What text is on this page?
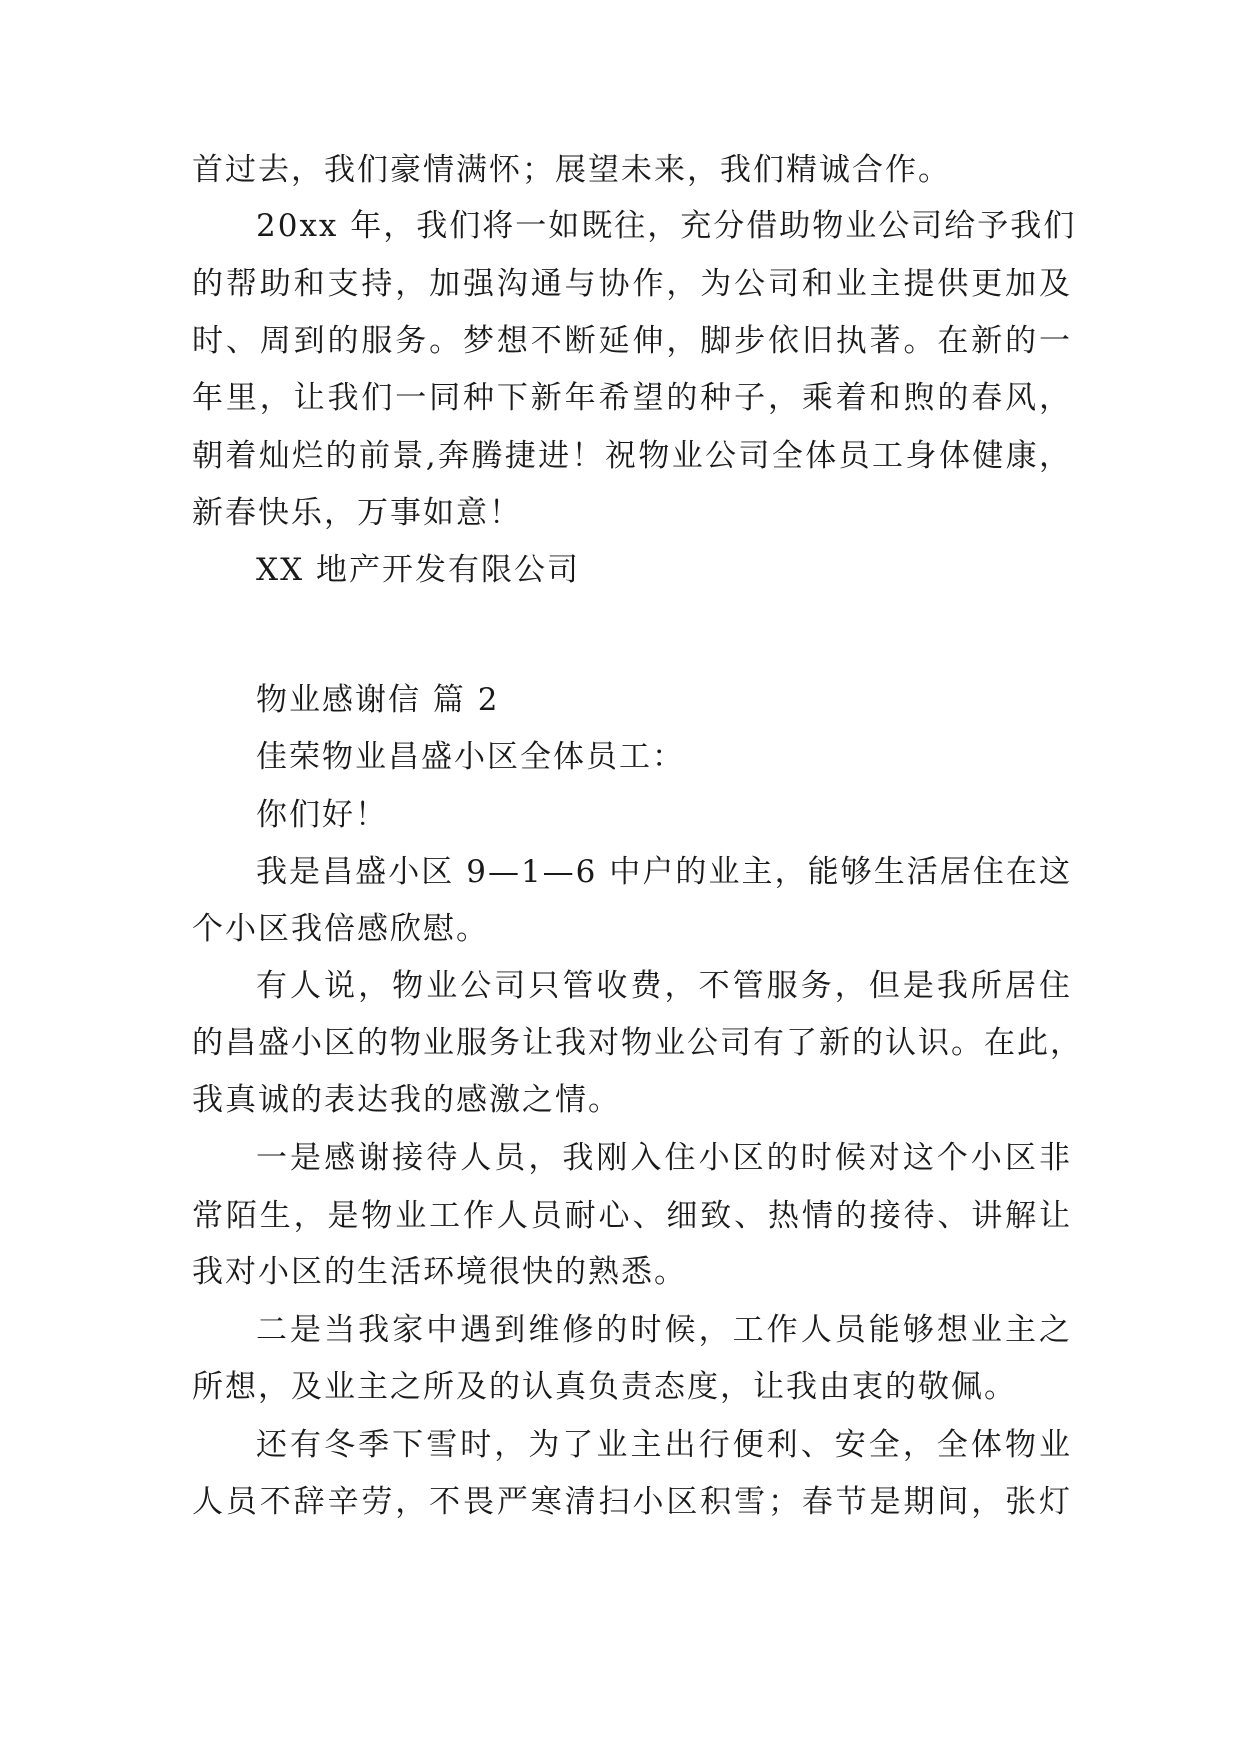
首过去，我们豪情满怀；展望未来，我们精诚合作。

20xx 年，我们将一如既往，充分借助物业公司给予我们

的帮助和支持，加强沟通与协作，为公司和业主提供更加及

时、周到的服务。梦想不断延伸，脚步依旧执著。在新的一

年里，让我们一同种下新年希望的种子，乘着和煦的春风，

朝着灿烂的前景,奔腾捷进！祝物业公司全体员工身体健康，

新春快乐，万事如意！

XX 地产开发有限公司

物业感谢信 篇 2

佳荣物业昌盛小区全体员工：

你们好！

我是昌盛小区 9—1—6 中户的业主，能够生活居住在这

个小区我倍感欣慰。

有人说，物业公司只管收费，不管服务，但是我所居住

的昌盛小区的物业服务让我对物业公司有了新的认识。在此，

我真诚的表达我的感激之情。

一是感谢接待人员，我刚入住小区的时候对这个小区非

常陌生，是物业工作人员耐心、细致、热情的接待、讲解让

我对小区的生活环境很快的熟悉。

二是当我家中遇到维修的时候，工作人员能够想业主之

所想，及业主之所及的认真负责态度，让我由衷的敬佩。

还有冬季下雪时，为了业主出行便利、安全，全体物业

人员不辞辛劳，不畏严寒清扫小区积雪；春节是期间，张灯
